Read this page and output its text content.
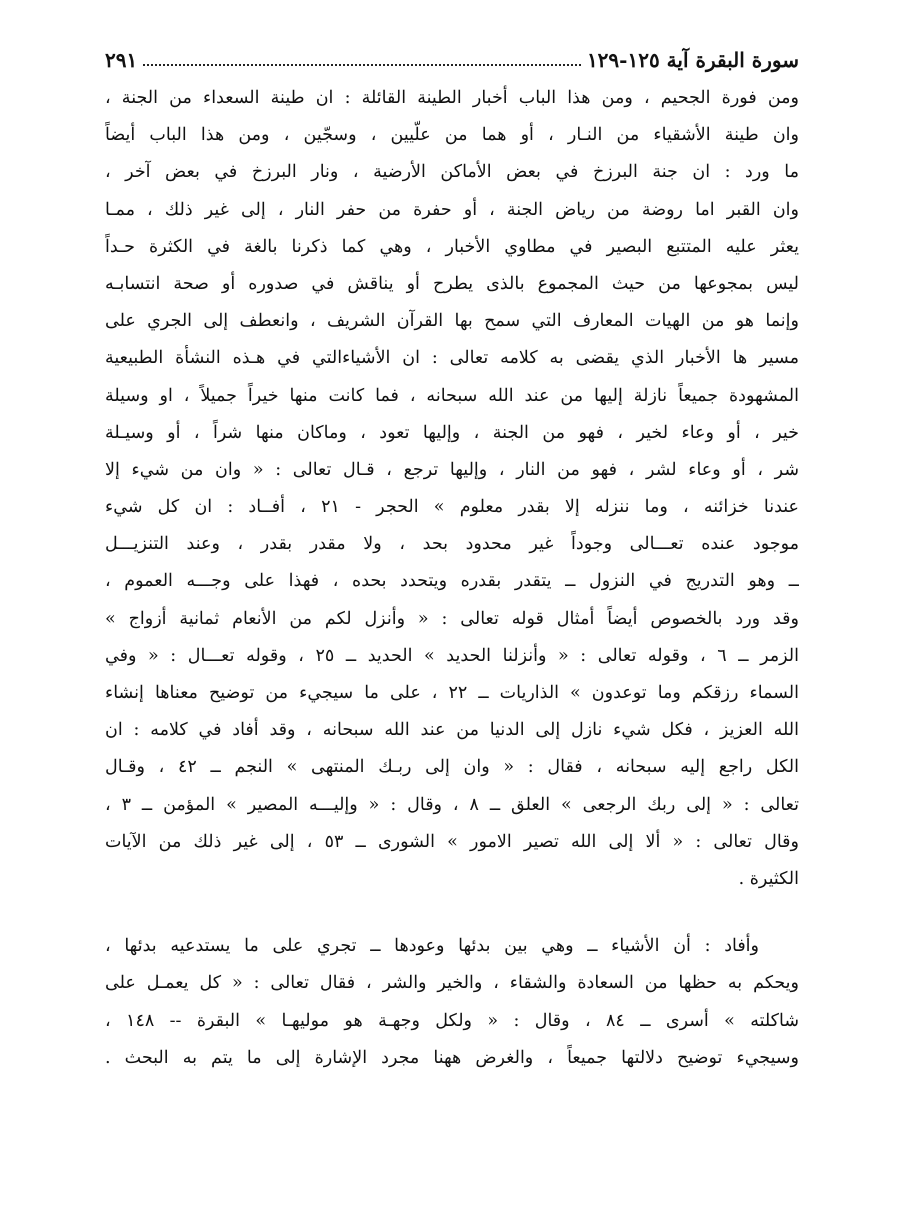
سورة البقرة آية ١٢٥-١٢٩
٢٩١
ومن فورة الجحيم ، ومن هذا الباب أخبار الطينة القائلة : ان طينة السعداء من الجنة ،
وان طينة الأشقياء من النـار ، أو هما من علّيين ، وسجّين ، ومن هذا الباب أيضاً
ما ورد : ان جنة البرزخ في بعض الأماكن الأرضية ، ونار البرزخ في بعض آخر ،
وان القبر اما روضة من رياض الجنة ، أو حفرة من حفر النار ، إلى غير ذلك ، ممـا
يعثر عليه المتتبع البصير في مطاوي الأخبار ، وهي كما ذكرنا بالغة في الكثرة حـداً
ليس بمجوعها من حيث المجموع بالذى يطرح أو يناقش في صدوره أو صحة انتسابـه
وإنما هو من الهيات المعارف التي سمح بها القرآن الشريف ، وانعطف إلى الجري على
مسير ها الأخبار الذي يقضى به كلامه تعالى : ان الأشياءالتي في هـذه النشأة الطبيعية
المشهودة جميعاً نازلة إليها من عند الله سبحانه ، فما كانت منها خيراً جميلاً ، او وسيلة
خير ، أو وعاء لخير ، فهو من الجنة ، وإليها تعود ، وماكان منها شراً ، أو وسيـلة
شر ، أو وعاء لشر ، فهو من النار ، وإليها ترجع ، قـال تعالى : « وان من شيء إلا
عندنا خزائنه ، وما ننزله إلا بقدر معلوم » الحجر - ٢١ ، أفــاد : ان كل شيء
موجود عنده تعـــالى وجوداً غير محدود بحد ، ولا مقدر بقدر ، وعند التنزيـــل
ــ وهو التدريج في النزول ــ يتقدر بقدره ويتحدد بحده ، فهذا على وجـــه العموم ،
وقد ورد بالخصوص أيضاً أمثال قوله تعالى : « وأنزل لكم من الأنعام ثمانية أزواج »
الزمر ــ ٦ ، وقوله تعالى : « وأنزلنا الحديد » الحديد ــ ٢٥ ، وقوله تعـــال : « وفي
السماء رزقكم وما توعدون » الذاريات ــ ٢٢ ، على ما سيجيء من توضيح معناها إنشاء
الله العزيز ، فكل شيء نازل إلى الدنيا من عند الله سبحانه ، وقد أفاد في كلامه : ان
الكل راجع إليه سبحانه ، فقال : « وان إلى ربـك المنتهى » النجم ــ ٤٢ ، وقـال
تعالى : « إلى ربك الرجعى » العلق ــ ٨ ، وقال : « وإليـــه المصير » المؤمن ــ ٣ ،
وقال تعالى : « ألا إلى الله تصير الامور » الشورى ــ ٥٣ ، إلى غير ذلك من الآيات
الكثيرة .
وأفاد : أن الأشياء ــ وهي بين بدئها وعودها ــ تجري على ما يستدعيه بدئها ،
ويحكم به حظها من السعادة والشقاء ، والخير والشر ، فقال تعالى : « كل يعمـل على
شاكلته » أسرى ــ ٨٤ ، وقال : « ولكل وجهـة هو موليهـا » البقرة -- ١٤٨ ،
وسيجيء توضيح دلالتها جميعاً ، والغرض ههنا مجرد الإشارة إلى ما يتم به البحث .
